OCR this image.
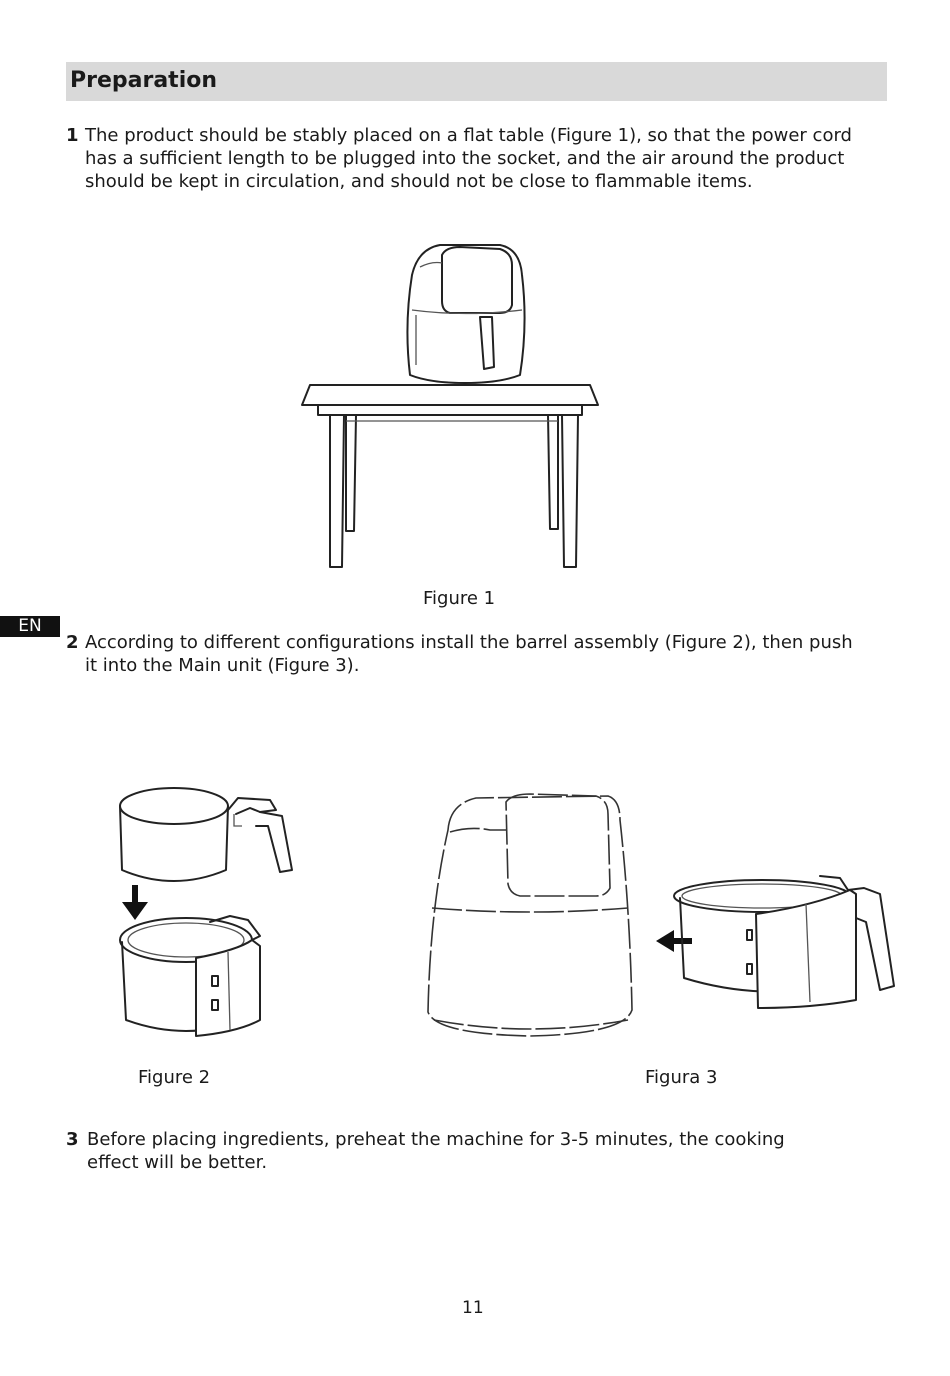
Preparation
1 The product should be stably placed on a flat table (Figure 1), so that the power cord
has a sufficient length to be plugged into the socket, and the air around the product
should be kept in circulation, and should not be close to flammable items.
Figure 1
EN
2 According to different configurations install the barrel assembly (Figure 2), then push
it into the Main unit (Figure 3).
Figure 2	Figura 3
3 Before placing ingredients, preheat the machine for 3-5 minutes, the cooking
effect will be better.
11
